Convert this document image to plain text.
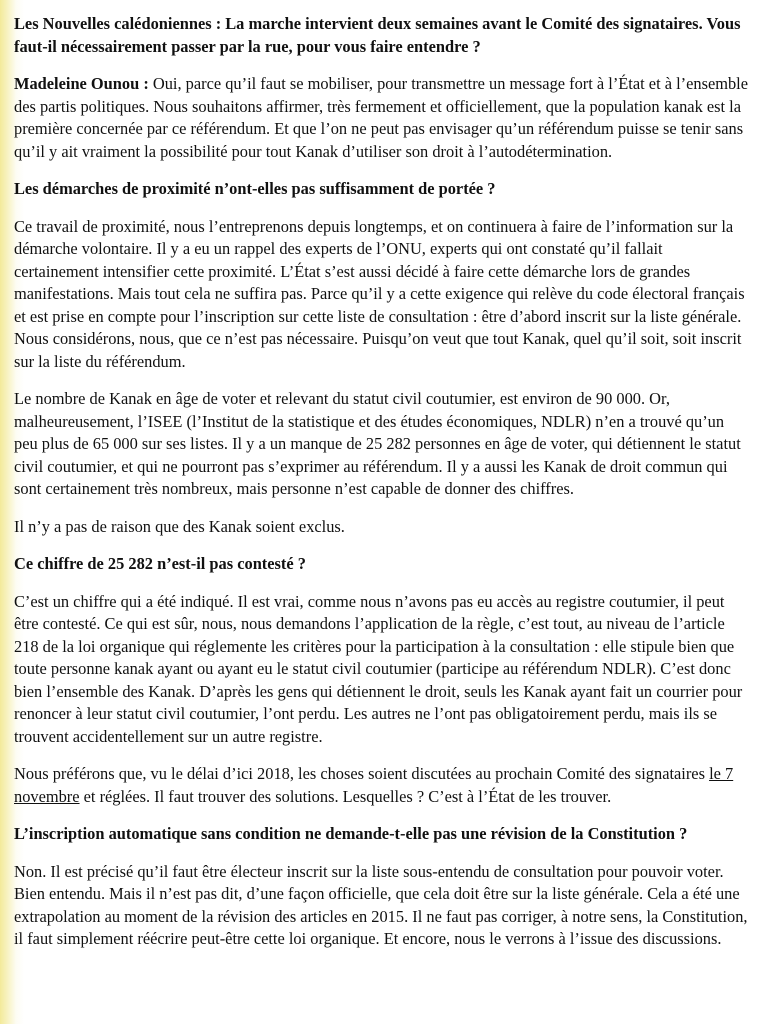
Les Nouvelles calédoniennes : La marche intervient deux semaines avant le Comité des signataires. Vous faut-il nécessairement passer par la rue, pour vous faire entendre ?

Madeleine Ounou : Oui, parce qu’il faut se mobiliser, pour transmettre un message fort à l’État et à l’ensemble des partis politiques. Nous souhaitons affirmer, très fermement et officiellement, que la population kanak est la première concernée par ce référendum. Et que l’on ne peut pas envisager qu’un référendum puisse se tenir sans qu’il y ait vraiment la possibilité pour tout Kanak d’utiliser son droit à l’autodétermination.

Les démarches de proximité n’ont-elles pas suffisamment de portée ?

Ce travail de proximité, nous l’entreprenons depuis longtemps, et on continuera à faire de l’information sur la démarche volontaire. Il y a eu un rappel des experts de l’ONU, experts qui ont constaté qu’il fallait certainement intensifier cette proximité. L’État s’est aussi décidé à faire cette démarche lors de grandes manifestations. Mais tout cela ne suffira pas. Parce qu’il y a cette exigence qui relève du code électoral français et est prise en compte pour l’inscription sur cette liste de consultation : être d’abord inscrit sur la liste générale. Nous considérons, nous, que ce n’est pas nécessaire. Puisqu’on veut que tout Kanak, quel qu’il soit, soit inscrit sur la liste du référendum.

Le nombre de Kanak en âge de voter et relevant du statut civil coutumier, est environ de 90 000. Or, malheureusement, l’ISEE (l’Institut de la statistique et des études économiques, NDLR) n’en a trouvé qu’un peu plus de 65 000 sur ses listes. Il y a un manque de 25 282 personnes en âge de voter, qui détiennent le statut civil coutumier, et qui ne pourront pas s’exprimer au référendum. Il y a aussi les Kanak de droit commun qui sont certainement très nombreux, mais personne n’est capable de donner des chiffres.

Il n’y a pas de raison que des Kanak soient exclus.

Ce chiffre de 25 282 n’est-il pas contesté ?

C’est un chiffre qui a été indiqué. Il est vrai, comme nous n’avons pas eu accès au registre coutumier, il peut être contesté. Ce qui est sûr, nous, nous demandons l’application de la règle, c’est tout, au niveau de l’article 218 de la loi organique qui réglemente les critères pour la participation à la consultation : elle stipule bien que toute personne kanak ayant ou ayant eu le statut civil coutumier (participe au référendum NDLR). C’est donc bien l’ensemble des Kanak. D’après les gens qui détiennent le droit, seuls les Kanak ayant fait un courrier pour renoncer à leur statut civil coutumier, l’ont perdu. Les autres ne l’ont pas obligatoirement perdu, mais ils se trouvent accidentellement sur un autre registre.

Nous préférons que, vu le délai d’ici 2018, les choses soient discutées au prochain Comité des signataires le 7 novembre et réglées. Il faut trouver des solutions. Lesquelles ? C’est à l’État de les trouver.

L’inscription automatique sans condition ne demande-t-elle pas une révision de la Constitution ?

Non. Il est précisé qu’il faut être électeur inscrit sur la liste sous-entendu de consultation pour pouvoir voter. Bien entendu. Mais il n’est pas dit, d’une façon officielle, que cela doit être sur la liste générale. Cela a été une extrapolation au moment de la révision des articles en 2015. Il ne faut pas corriger, à notre sens, la Constitution, il faut simplement réécrire peut-être cette loi organique. Et encore, nous le verrons à l’issue des discussions.
